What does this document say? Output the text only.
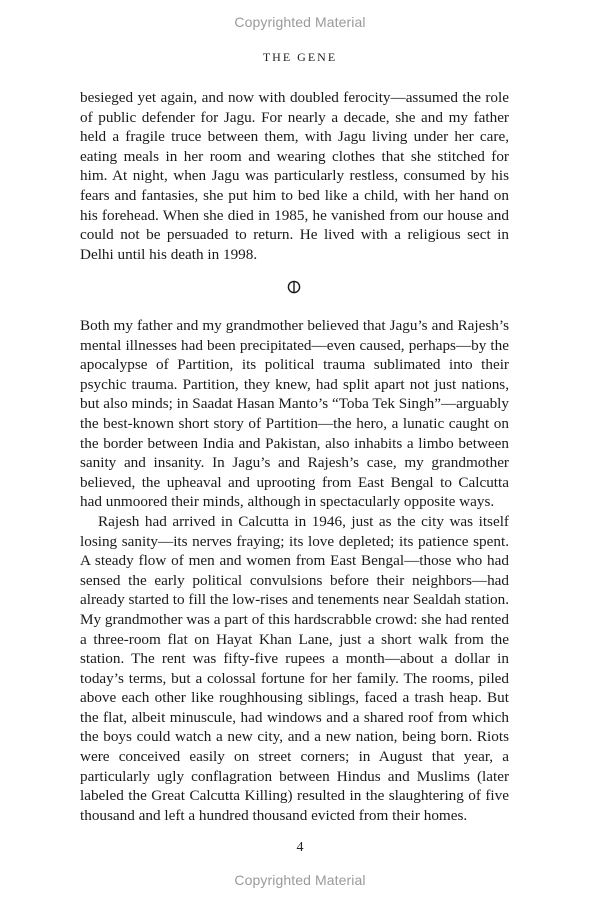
Copyrighted Material
THE GENE

besieged yet again, and now with doubled ferocity—assumed the role of public defender for Jagu. For nearly a decade, she and my father held a fragile truce between them, with Jagu living under her care, eating meals in her room and wearing clothes that she stitched for him. At night, when Jagu was particularly restless, consumed by his fears and fantasies, she put him to bed like a child, with her hand on his forehead. When she died in 1985, he vanished from our house and could not be persuaded to return. He lived with a religious sect in Delhi until his death in 1998.

Both my father and my grandmother believed that Jagu’s and Rajesh’s mental illnesses had been precipitated—even caused, perhaps—by the apocalypse of Partition, its political trauma sublimated into their psychic trauma. Partition, they knew, had split apart not just nations, but also minds; in Saadat Hasan Manto’s “Toba Tek Singh”—arguably the best-known short story of Partition—the hero, a lunatic caught on the border between India and Pakistan, also inhabits a limbo between sanity and insanity. In Jagu’s and Rajesh’s case, my grandmother believed, the upheaval and uprooting from East Bengal to Calcutta had unmoored their minds, although in spectacularly opposite ways.

Rajesh had arrived in Calcutta in 1946, just as the city was itself losing sanity—its nerves fraying; its love depleted; its patience spent. A steady flow of men and women from East Bengal—those who had sensed the early political convulsions before their neighbors—had already started to fill the low-rises and tenements near Sealdah station. My grandmother was a part of this hardscrabble crowd: she had rented a three-room flat on Hayat Khan Lane, just a short walk from the station. The rent was fifty-five rupees a month—about a dollar in today’s terms, but a colossal fortune for her family. The rooms, piled above each other like roughhousing siblings, faced a trash heap. But the flat, albeit minuscule, had windows and a shared roof from which the boys could watch a new city, and a new nation, being born. Riots were conceived easily on street corners; in August that year, a particularly ugly conflagration between Hindus and Muslims (later labeled the Great Calcutta Killing) resulted in the slaughtering of five thousand and left a hundred thousand evicted from their homes.

4
Copyrighted Material
